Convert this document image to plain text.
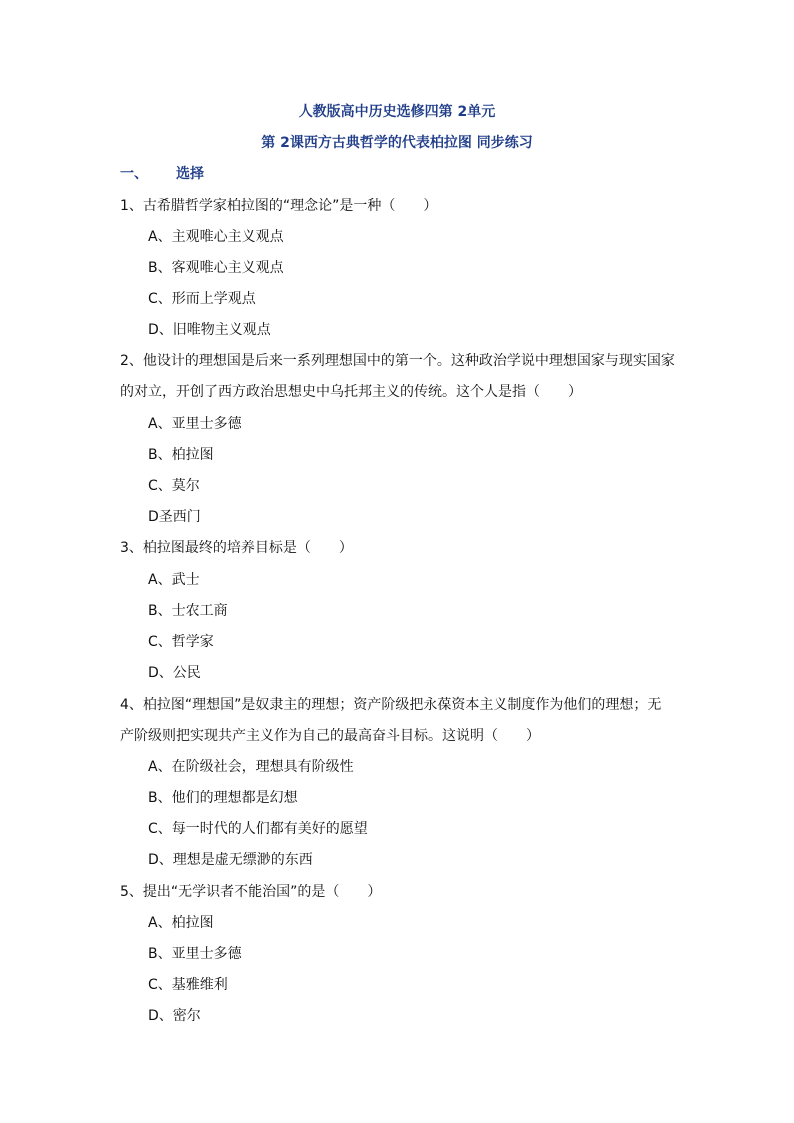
人教版高中历史选修四第 2单元
第 2课西方古典哲学的代表柏拉图 同步练习
一、 选择
1、古希腊哲学家柏拉图的“理念论”是一种（　　）
A、主观唯心主义观点
B、客观唯心主义观点
C、形而上学观点
D、旧唯物主义观点
2、他设计的理想国是后来一系列理想国中的第一个。这种政治学说中理想国家与现实国家
的对立，开创了西方政治思想史中乌托邦主义的传统。这个人是指（　　）
A、亚里士多德
B、柏拉图
C、莫尔
D圣西门
3、柏拉图最终的培养目标是（　　）
A、武士
B、士农工商
C、哲学家
D、公民
4、柏拉图“理想国”是奴隶主的理想；资产阶级把永葆资本主义制度作为他们的理想；无
产阶级则把实现共产主义作为自己的最高奋斗目标。这说明（　　）
A、在阶级社会，理想具有阶级性
B、他们的理想都是幻想
C、每一时代的人们都有美好的愿望
D、理想是虚无缥渺的东西
5、提出“无学识者不能治国”的是（　　）
A、柏拉图
B、亚里士多德
C、基雅维利
D、密尔
